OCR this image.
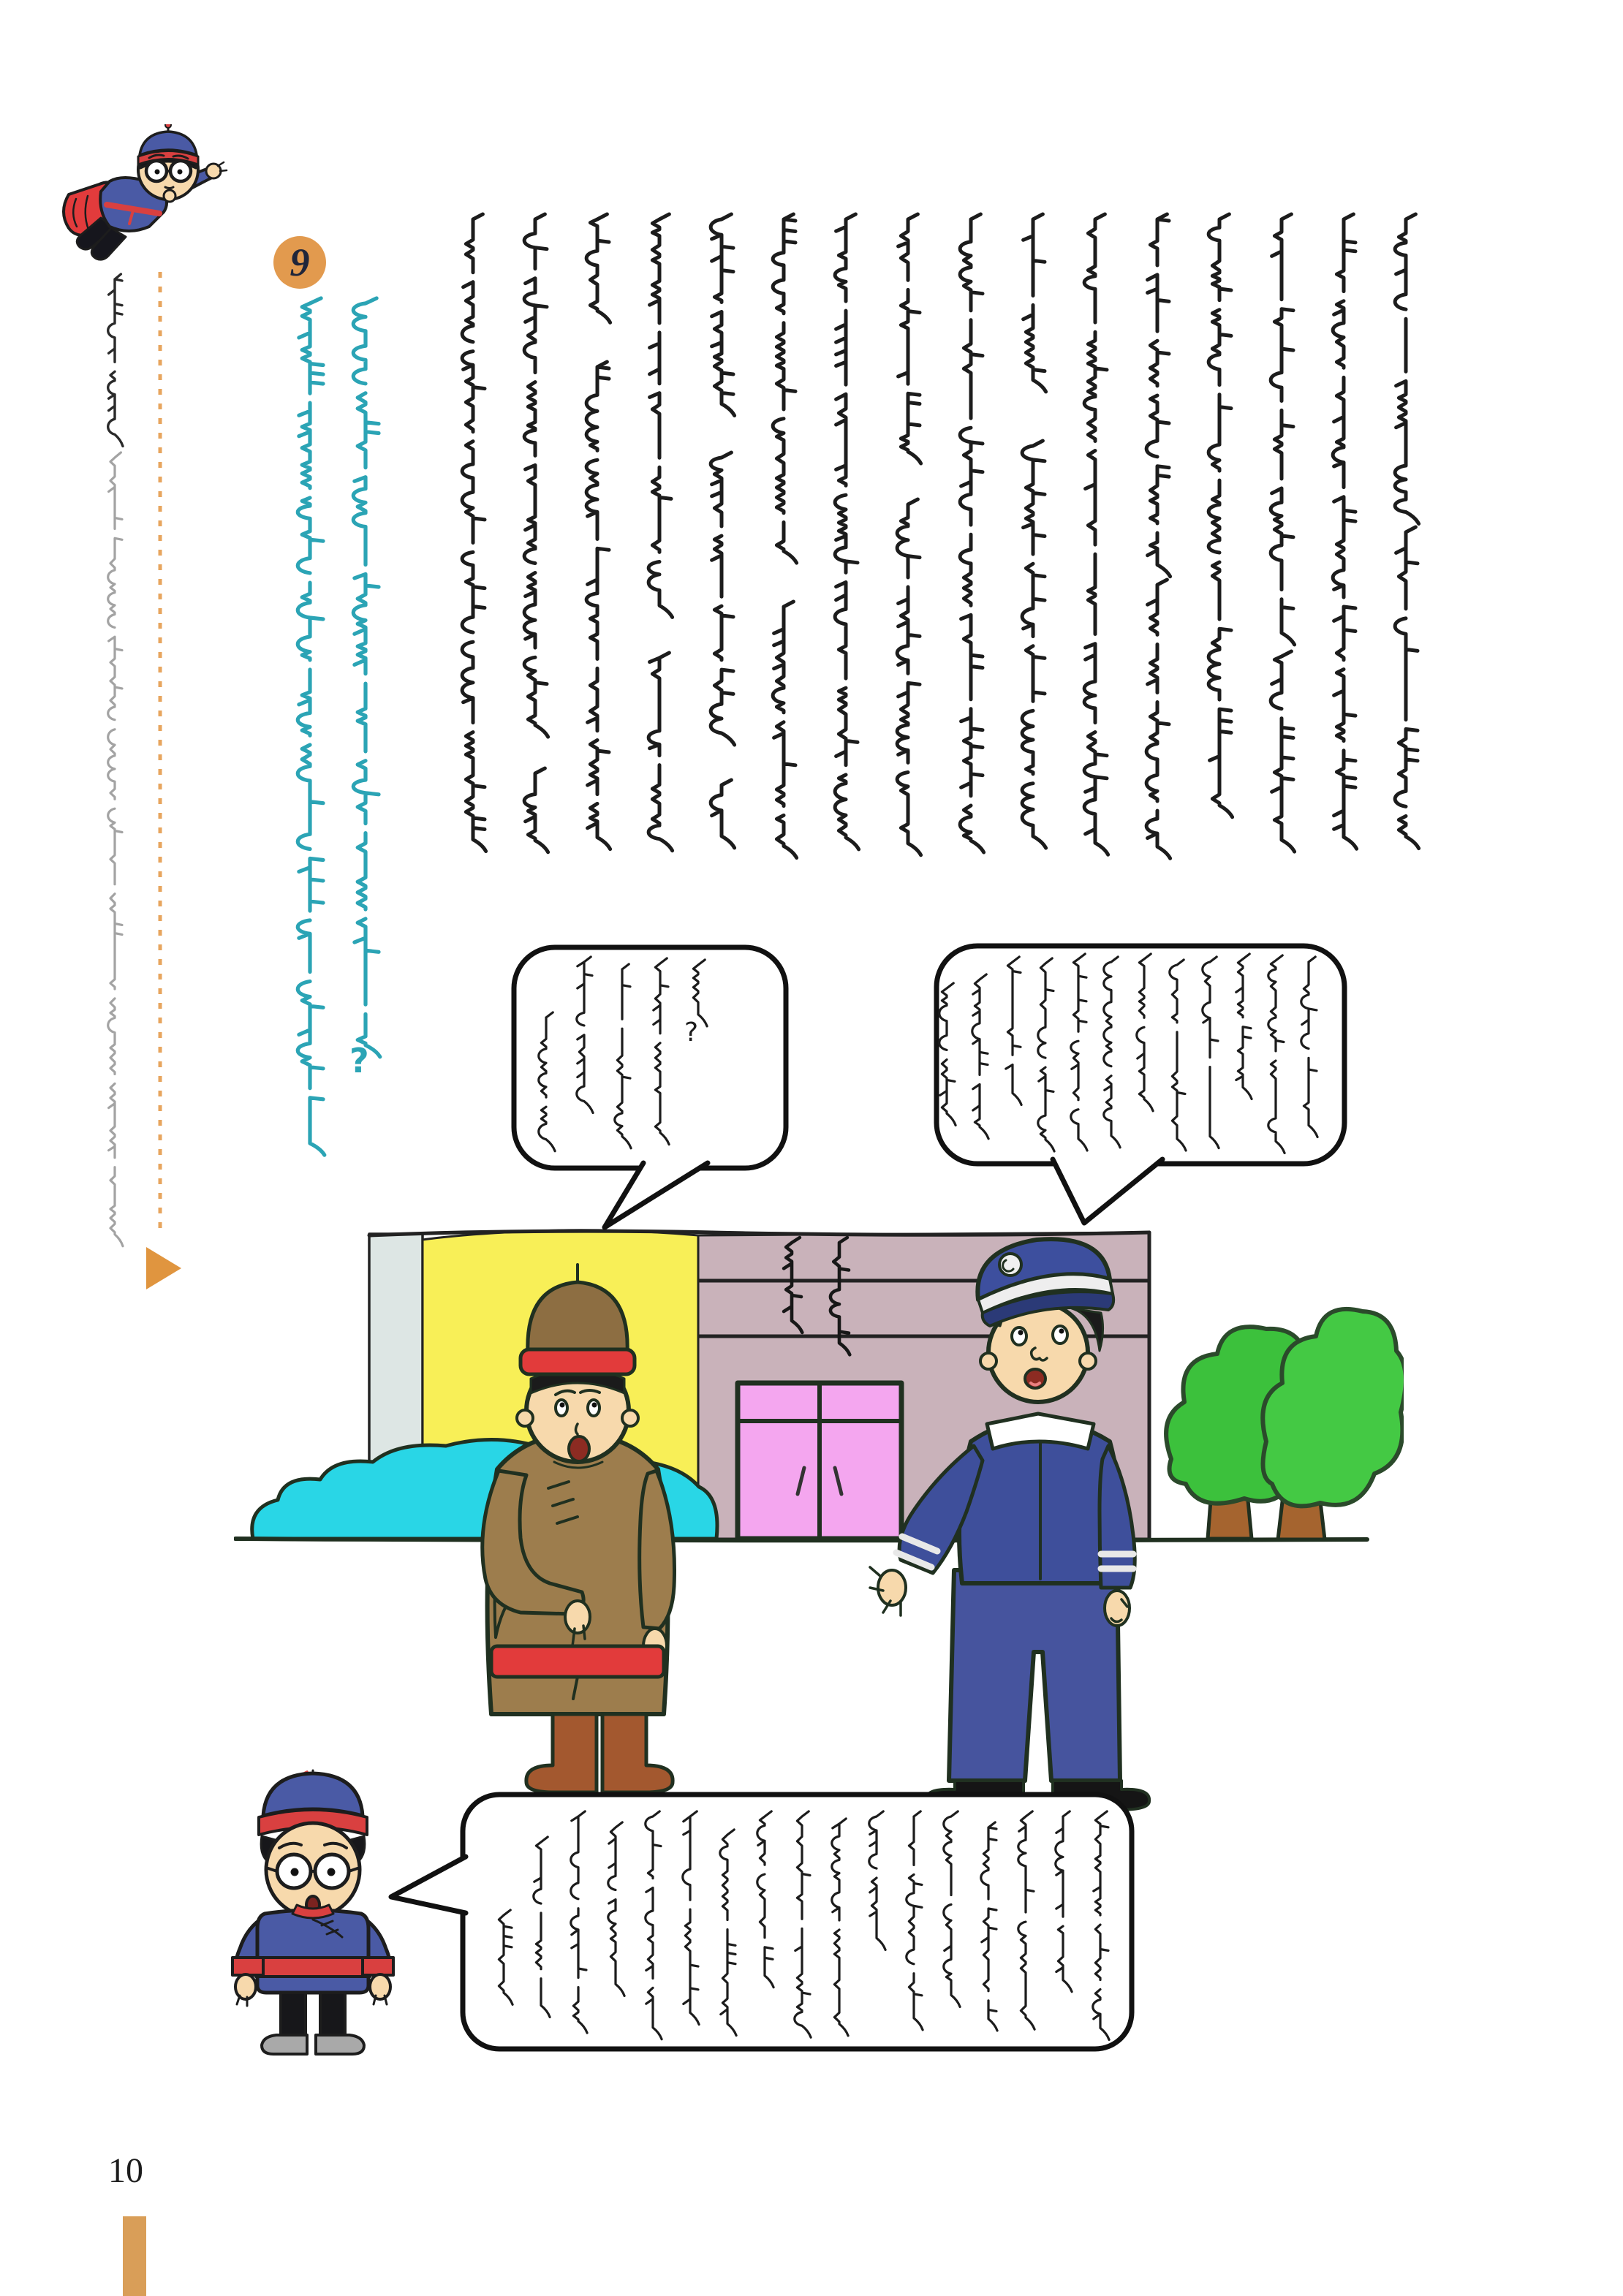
9
?
?
10
